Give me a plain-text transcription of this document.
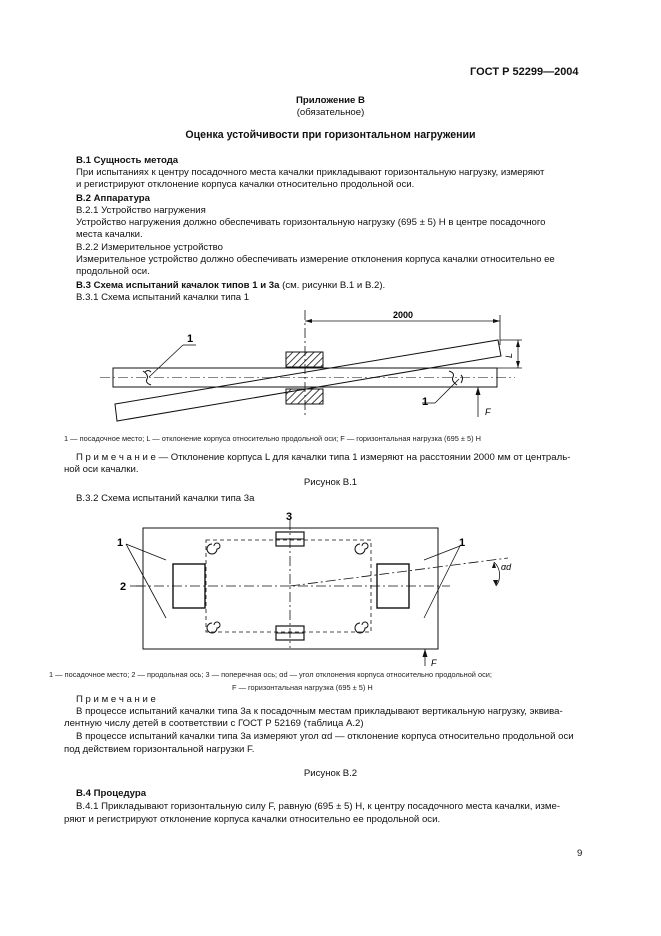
ГОСТ Р 52299—2004
Приложение В
(обязательное)
Оценка устойчивости при горизонтальном нагружении
В.1 Сущность метода
При испытаниях к центру посадочного места качалки прикладывают горизонтальную нагрузку, измеряют
и регистрируют отклонение корпуса качалки относительно продольной оси.
В.2 Аппаратура
В.2.1 Устройство нагружения
Устройство нагружения должно обеспечивать горизонтальную нагрузку (695 ± 5) Н в центре посадочного
места качалки.
В.2.2 Измерительное устройство
Измерительное устройство должно обеспечивать измерение отклонения корпуса качалки относительно ее
продольной оси.
В.3 Схема испытаний качалок типов 1 и 3а (см. рисунки В.1 и В.2).
В.3.1 Схема испытаний качалки типа 1
2000
L
1
1
F
1 — посадочное место; L — отклонение корпуса относительно продольной оси; F — горизонтальная нагрузка (695 ± 5) Н
П р и м е ч а н и е — Отклонение корпуса L для качалки типа 1 измеряют на расстоянии 2000 мм от централь-
ной оси качалки.
Рисунок В.1
В.3.2 Схема испытаний качалки типа 3а
1	1
2
3
αd
F
1 — посадочное место; 2 — продольная ось; 3 — поперечная ось; αd — угол отклонения корпуса относительно продольной оси;
F — горизонтальная нагрузка (695 ± 5) Н
П р и м е ч а н и е
В процессе испытаний качалки типа 3а к посадочным местам прикладывают вертикальную нагрузку, эквива-
лентную числу детей в соответствии с ГОСТ Р 52169 (таблица А.2)
В процессе испытаний качалки типа 3а измеряют угол αd — отклонение корпуса относительно продольной оси
под действием горизонтальной нагрузки F.
Рисунок В.2
В.4 Процедура
В.4.1 Прикладывают горизонтальную силу F, равную (695 ± 5) Н, к центру посадочного места качалки, изме-
ряют и регистрируют отклонение корпуса качалки относительно ее продольной оси.
9
